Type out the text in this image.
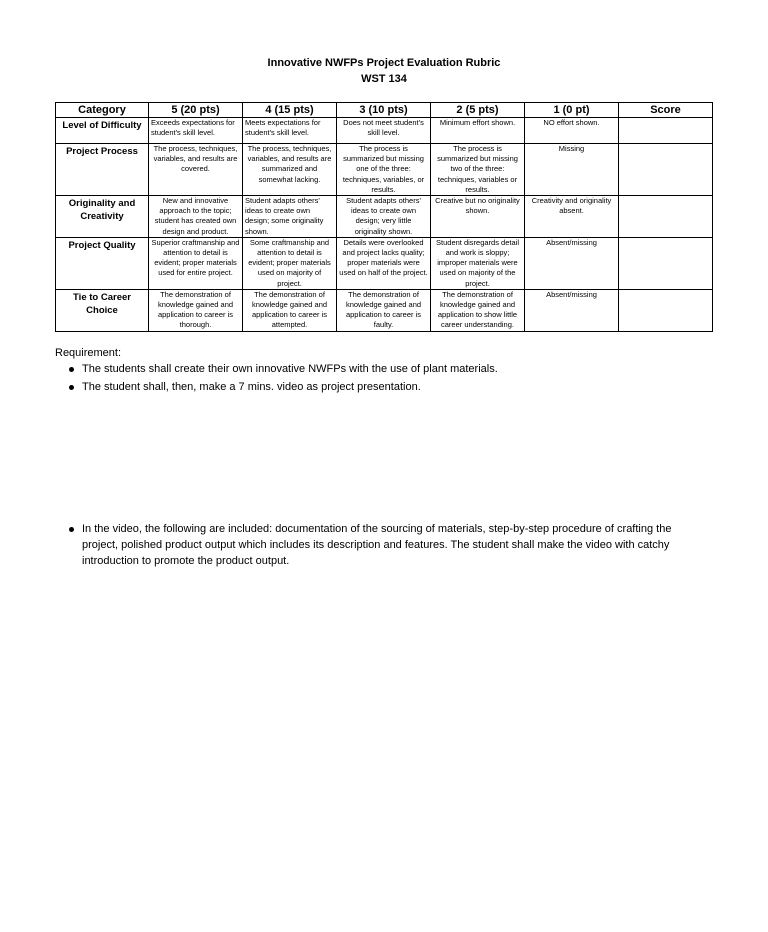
Innovative NWFPs Project Evaluation Rubric
WST 134
Category	5 (20 pts)	4 (15 pts)	3 (10 pts)	2 (5 pts)	1 (0 pt)	Score
Level of Difficulty	Exceeds expectations for student's skill level.	Meets expectations for student's skill level.	Does not meet student's skill level.	Minimum effort shown.	NO effort shown.	
Project Process	The process, techniques, variables, and results are covered.	The process, techniques, variables, and results are summarized and somewhat lacking.	The process is summarized but missing one of the three: techniques, variables, or results.	The process is summarized but missing two of the three: techniques, variables or results.	Missing	
Originality and Creativity	New and innovative approach to the topic; student has created own design and product.	Student adapts others' ideas to create own design; some originality shown.	Student adapts others' ideas to create own design; very little originality shown.	Creative but no originality shown.	Creativity and originality absent.	
Project Quality	Superior craftmanship and attention to detail is evident; proper materials used for entire project.	Some craftmanship and attention to detail is evident; proper materials used on majority of project.	Details were overlooked and project lacks quality; proper materials were used on half of the project.	Student disregards detail and work is sloppy; improper materials were used on majority of the project.	Absent/missing	
Tie to Career Choice	The demonstration of knowledge gained and application to career is thorough.	The demonstration of knowledge gained and application to career is attempted.	The demonstration of knowledge gained and application to career is faulty.	The demonstration of knowledge gained and application to show little career understanding.	Absent/missing	
Requirement:
The students shall create their own innovative NWFPs with the use of plant materials.
The student shall, then, make a 7 mins. video as project presentation.
In the video, the following are included: documentation of the sourcing of materials, step-by-step procedure of crafting the project, polished product output which includes its description and features. The student shall make the video with catchy introduction to promote the product output.
